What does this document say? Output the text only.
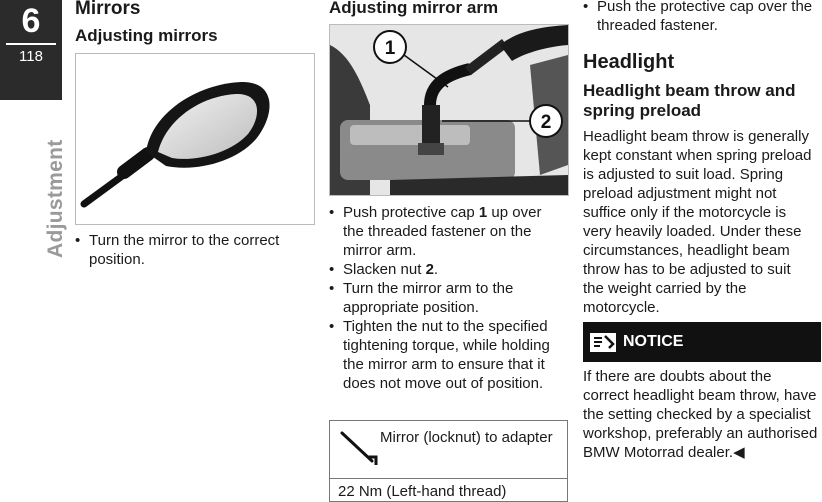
6
118
Adjustment
Mirrors
Adjusting mirrors
• Turn the mirror to the correct position.
Adjusting mirror arm
1
2
• Push protective cap 1 up over the threaded fastener on the mirror arm.
• Slacken nut 2.
• Turn the mirror arm to the appropriate position.
• Tighten the nut to the specified tightening torque, while holding the mirror arm to ensure that it does not move out of position.
Mirror (locknut) to adapter
22 Nm (Left-hand thread)
• Push the protective cap over the threaded fastener.
Headlight
Headlight beam throw and spring preload
Headlight beam throw is generally kept constant when spring preload is adjusted to suit load. Spring preload adjustment might not suffice only if the motorcycle is very heavily loaded. Under these circumstances, headlight beam throw has to be adjusted to suit the weight carried by the motorcycle.
NOTICE
If there are doubts about the correct headlight beam throw, have the setting checked by a specialist workshop, preferably an authorised BMW Motorrad dealer.◀
